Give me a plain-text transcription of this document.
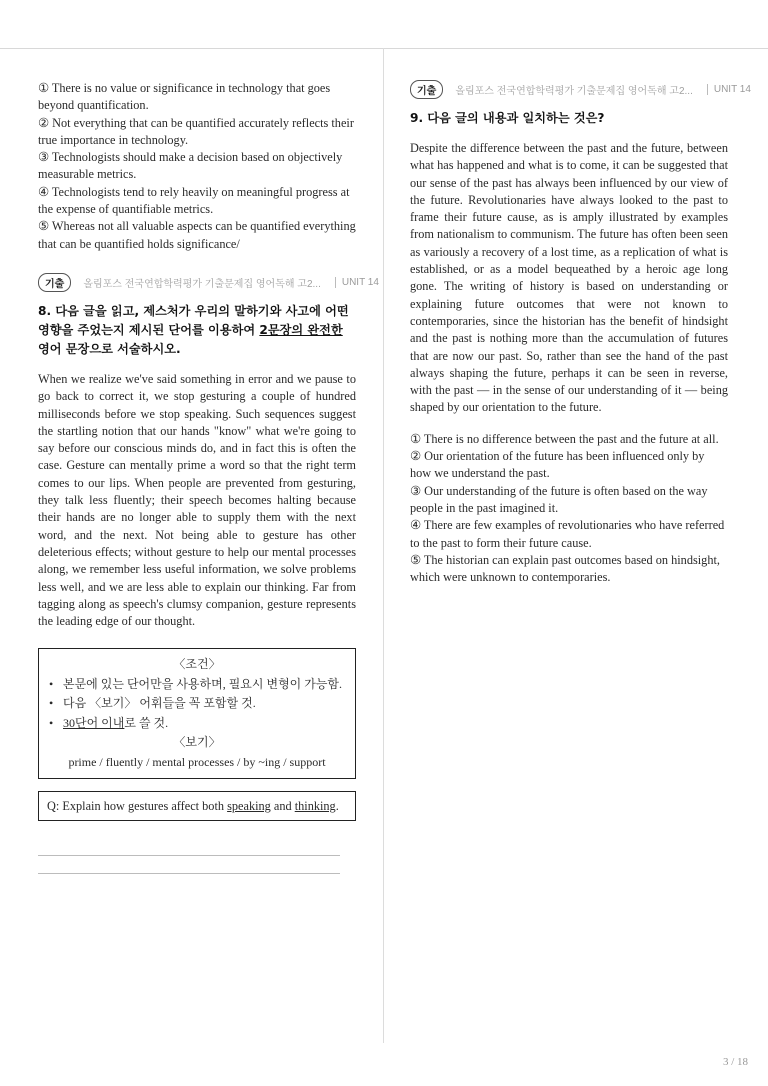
① There is no value or significance in technology that goes beyond quantification.

② Not everything that can be quantified accurately reflects their true importance in technology.

③ Technologists should make a decision based on objectively measurable metrics.

④ Technologists tend to rely heavily on meaningful progress at the expense of quantifiable metrics.

⑤ Whereas not all valuable aspects can be quantified everything that can be quantified holds significance/

기출	올림포스 전국연합학력평가 기출문제집 영어독해 고2... UNIT 14
8. 다음 글을 읽고, 제스처가 우리의 말하기와 사고에 어떤 영향을 주었는지 제시된 단어를 이용하여 2문장의 완전한 영어 문장으로 서술하시오.

When we realize we've said something in error and we pause to go back to correct it, we stop gesturing a couple of hundred milliseconds before we stop speaking. Such sequences suggest the startling notion that our hands "know" what we're going to say before our conscious minds do, and in fact this is often the case. Gesture can mentally prime a word so that the right term comes to our lips. When people are prevented from gesturing, they talk less fluently; their speech becomes halting because their hands are no longer able to supply them with the next word, and the next. Not being able to gesture has other deleterious effects; without gesture to help our mental processes along, we remember less useful information, we solve problems less well, and we are less able to explain our thinking. Far from tagging along as speech's clumsy companion, gesture represents the leading edge of our thought.

〈조건〉
• 본문에 있는 단어만을 사용하며, 필요시 변형이 가능함.
• 다음 〈보기〉 어휘들을 꼭 포함할 것.
• 30단어 이내로 쓸 것.
〈보기〉
prime / fluently / mental processes / by ~ing / support
Q: Explain how gestures affect both speaking and thinking.
기출	올림포스 전국연합학력평가 기출문제집 영어독해 고2... UNIT 14
9. 다음 글의 내용과 일치하는 것은?

Despite the difference between the past and the future, between what has happened and what is to come, it can be suggested that our sense of the past has always been influenced by our view of the future. Revolutionaries have always looked to the past to frame their future cause, as is amply illustrated by examples from nationalism to communism. The future has often been seen as variously a recovery of a lost time, as a replication of what is established, or as a model bequeathed by a heroic age long gone. The writing of history is based on understanding or explaining future outcomes that were not known to contemporaries, since the historian has the benefit of hindsight and the past is nothing more than the accumulation of futures that are now our past. So, rather than see the hand of the past always shaping the future, perhaps it can be seen in reverse, with the past — in the sense of our understanding of it — being shaped by our orientation to the future.

① There is no difference between the past and the future at all.

② Our orientation of the future has been influenced only by how we understand the past.

③ Our understanding of the future is often based on the way people in the past imagined it.

④ There are few examples of revolutionaries who have referred to the past to form their future cause.

⑤ The historian can explain past outcomes based on hindsight, which were unknown to contemporaries.

3 / 18
